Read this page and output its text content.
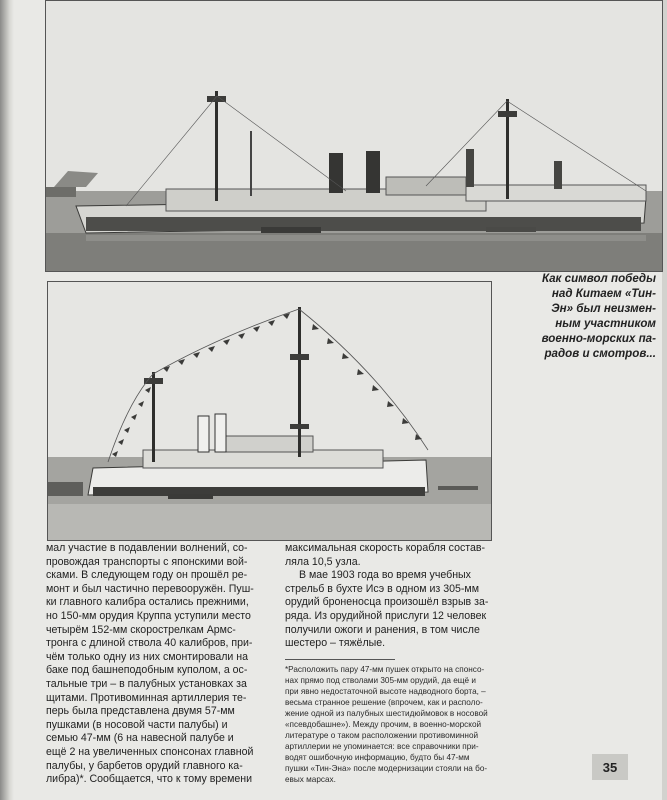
Как символ победы
над Китаем «Тин-
Эн» был неизмен-
ным участником
военно-морских па-
радов и смотров...

мал участие в подавлении волнений, со-

провождая транспорты с японскими вой-

сками. В следующем году он прошёл ре-

монт и был частично перевооружён. Пуш-

ки главного калибра остались прежними,

но 150-мм орудия Круппа уступили место

четырём 152-мм скорострелкам Армс-

тронга с длиной ствола 40 калибров, при-

чём только одну из них смонтировали на

баке под башнеподобным куполом, а ос-

тальные три – в палубных установках за

щитами. Противоминная артиллерия те-

перь была представлена двумя 57-мм

пушками (в носовой части палубы) и

семью 47-мм (6 на навесной палубе и

ещё 2 на увеличенных спонсонах главной

палубы, у барбетов орудий главного ка-

либра)*. Сообщается, что к тому времени

максимальная скорость корабля состав-

ляла 10,5 узла.

В мае 1903 года во время учебных

стрельб в бухте Исэ в одном из 305-мм

орудий броненосца произошёл взрыв за-

ряда. Из орудийной прислуги 12 человек

получили ожоги и ранения, в том числе

шестеро – тяжёлые.

*Расположить пару 47-мм пушек открыто на спонсо-

нах прямо под стволами 305-мм орудий, да ещё и

при явно недостаточной высоте надводного борта, –

весьма странное решение (впрочем, как и располо-

жение одной из палубных шестидюймовок в носовой

«псевдобашне»). Между прочим, в военно-морской

литературе о таком расположении противоминной

артиллерии не упоминается: все справочники при-

водят ошибочную информацию, будто бы 47-мм

пушки «Тин-Эна» после модернизации стояли на бо-

евых марсах.

35
